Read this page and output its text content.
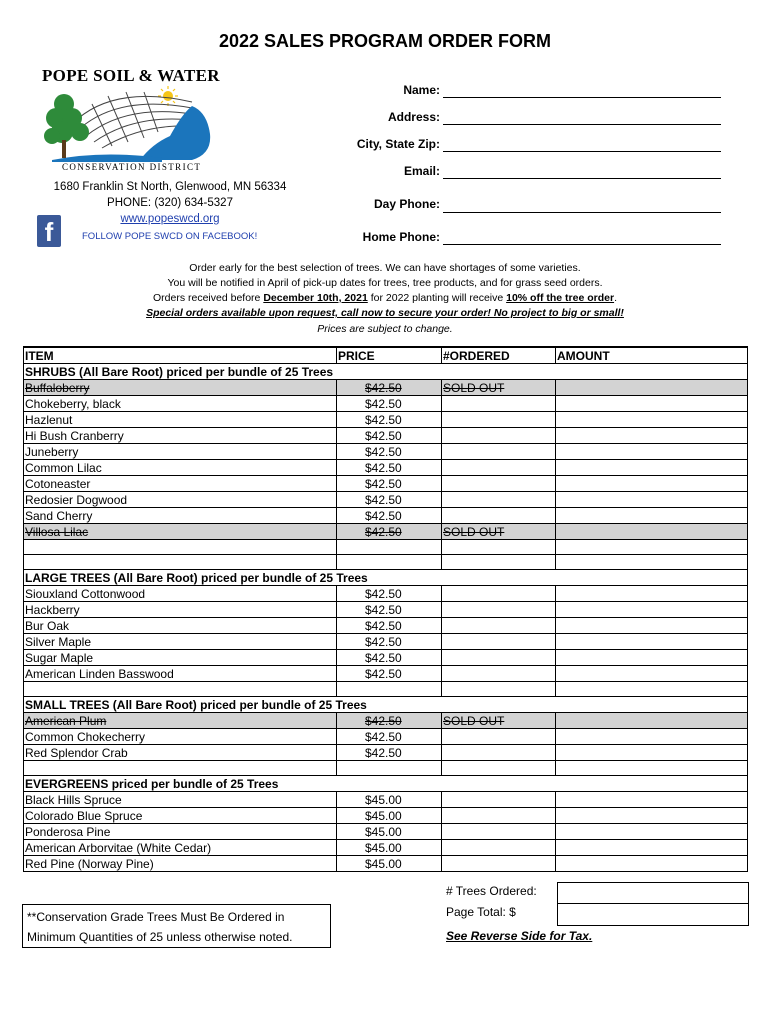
2022 SALES PROGRAM ORDER FORM
POPE SOIL & WATER
CONSERVATION DISTRICT
1680 Franklin St North, Glenwood, MN 56334
PHONE: (320) 634-5327
www.popeswcd.org
f	FOLLOW POPE SWCD ON FACEBOOK!
Name:
Address:
City, State Zip:
Email:
Day Phone:
Home Phone:
Order early for the best selection of trees. We can have shortages of some varieties.
You will be notified in April of pick-up dates for trees, tree products, and for grass seed orders.
Orders received before December 10th, 2021 for 2022 planting will receive 10% off the tree order.
Special orders available upon request, call now to secure your order! No project to big or small!
Prices are subject to change.
ITEM	PRICE	#ORDERED	AMOUNT
SHRUBS (All Bare Root) priced per bundle of 25 Trees			
Buffaloberry	$42.50	SOLD OUT	
Chokeberry, black	$42.50		
Hazlenut	$42.50		
Hi Bush Cranberry	$42.50		
Juneberry	$42.50		
Common Lilac	$42.50		
Cotoneaster	$42.50		
Redosier Dogwood	$42.50		
Sand Cherry	$42.50		
Villosa Lilac	$42.50	SOLD OUT	

LARGE TREES (All Bare Root) priced per bundle of 25 Trees			
Siouxland Cottonwood	$42.50		
Hackberry	$42.50		
Bur Oak	$42.50		
Silver Maple	$42.50		
Sugar Maple	$42.50		
American Linden Basswood	$42.50		

SMALL TREES (All Bare Root) priced per bundle of 25 Trees			
American Plum	$42.50	SOLD OUT	
Common Chokecherry	$42.50		
Red Splendor Crab	$42.50		

EVERGREENS priced per bundle of 25 Trees			
Black Hills Spruce	$45.00		
Colorado Blue Spruce	$45.00		
Ponderosa Pine	$45.00		
American Arborvitae (White Cedar)	$45.00		
Red Pine (Norway Pine)	$45.00		
# Trees Ordered:
Page Total: $
See Reverse Side for Tax.
**Conservation Grade Trees Must Be Ordered in
Minimum Quantities of 25 unless otherwise noted.
